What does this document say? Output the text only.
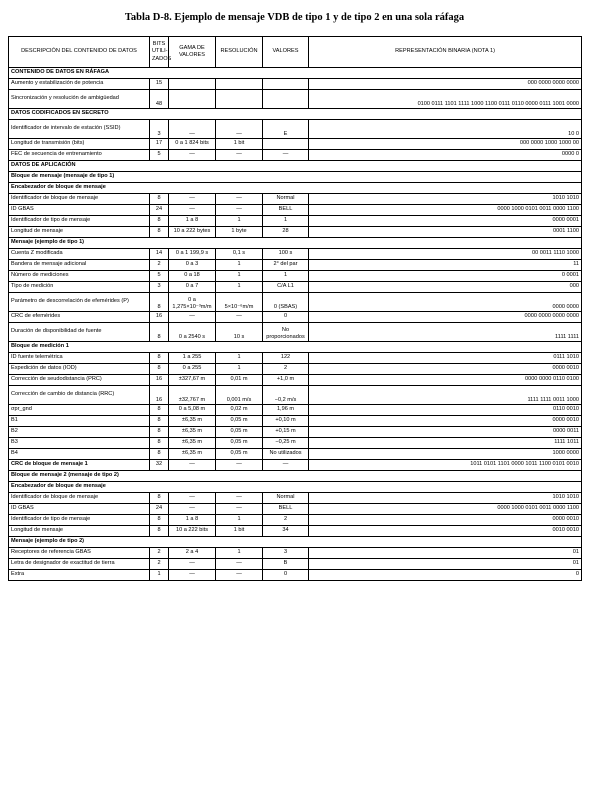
Tabla D-8. Ejemplo de mensaje VDB de tipo 1 y de tipo 2 en una sola ráfaga
DESCRIPCIÓN DEL CONTENIDO DE DATOS	BITS UTILI-ZADOS	GAMA DE VALORES	RESOLUCIÓN	VALORES	REPRESENTACIÓN BINARIA (NOTA 1)
CONTENIDO DE DATOS EN RÁFAGA					
Aumento y estabilización de potencia	15				000 0000 0000 0000
Sincronización y resolución de ambigüedad	48				0100 0111 1101 1111 1000 1100 0111 0110 0000 0111 1001 0000
DATOS CODIFICADOS EN SECRETO					
Identificador de intervalo de estación (SSID)	3	—	—	E	10 0
Longitud de transmisión (bits)	17	0 a 1 824 bits	1 bit		000 0000 1000 1000 00
FEC de secuencia de entrenamiento	5	—	—	—	0000 0
DATOS DE APLICACIÓN					
Bloque de mensaje (mensaje de tipo 1)					
Encabezador de bloque de mensaje					
Identificador de bloque de mensaje	8	—	—	Normal	1010 1010
ID GBAS	24	—	—	BELL	0000 1000 0101 0011 0000 1100
Identificador de tipo de mensaje	8	1 a 8	1	1	0000 0001
Longitud de mensaje	8	10 a 222 bytes	1 byte	28	0001 1100
Mensaje (ejemplo de tipo 1)					
Cuenta Z modificada	14	0 a 1 199,9 s	0,1 s	100 s	00 0011 1110 1000
Bandera de mensaje adicional	2	0 a 3	1	2° del par	11
Número de mediciones	5	0 a 18	1	1	0 0001
Tipo de medición	3	0 a 7	1	C/A L1	000
Parámetro de descorrelación de efemérides (P)	8	0 a 1,275×10⁻³m/m	5×10⁻⁶m/m	0 (SBAS)	0000 0000
CRC de efemérides	16	—	—	0	0000 0000 0000 0000
Duración de disponibilidad de fuente	8	0 a 2540 s	10 s	No proporcionados	1111 1111
Bloque de medición 1					
ID fuente telemétrica	8	1 a 255	1	122	0111 1010
Expedición de datos (IOD)	8	0 a 255	1	2	0000 0010
Corrección de seudodistancia (PRC)	16	±327,67 m	0,01 m	+1,0 m	0000 0000 0110 0100
Corrección de cambio de distancia (RRC)	16	±32,767 m	0,001 m/s	−0,2 m/s	1111 1111 0011 1000
σpr_gnd	8	0 a 5,08 m	0,02 m	1,96 m	0110 0010
B1	8	±6,35 m	0,05 m	+0,10 m	0000 0010
B2	8	±6,35 m	0,05 m	+0,15 m	0000 0011
B3	8	±6,35 m	0,05 m	−0,25 m	1111 1011
B4	8	±6,35 m	0,05 m	No utilizados	1000 0000
CRC de bloque de mensaje 1	32	—	—	—	1011 0101 1101 0000 1011 1100 0101 0010
Bloque de mensaje 2 (mensaje de tipo 2)					
Encabezador de bloque de mensaje					
Identificador de bloque de mensaje	8	—	—	Normal	1010 1010
ID GBAS	24	—	—	BELL	0000 1000 0101 0011 0000 1100
Identificador de tipo de mensaje	8	1 a 8	1	2	0000 0010
Longitud de mensaje	8	10 a 222 bits	1 bit	34	0010 0010
Mensaje (ejemplo de tipo 2)					
Receptores de referencia GBAS	2	2 a 4	1	3	01
Letra de designador de exactitud de tierra	2	—	—	B	01
Extra	1	—	—	0	0
